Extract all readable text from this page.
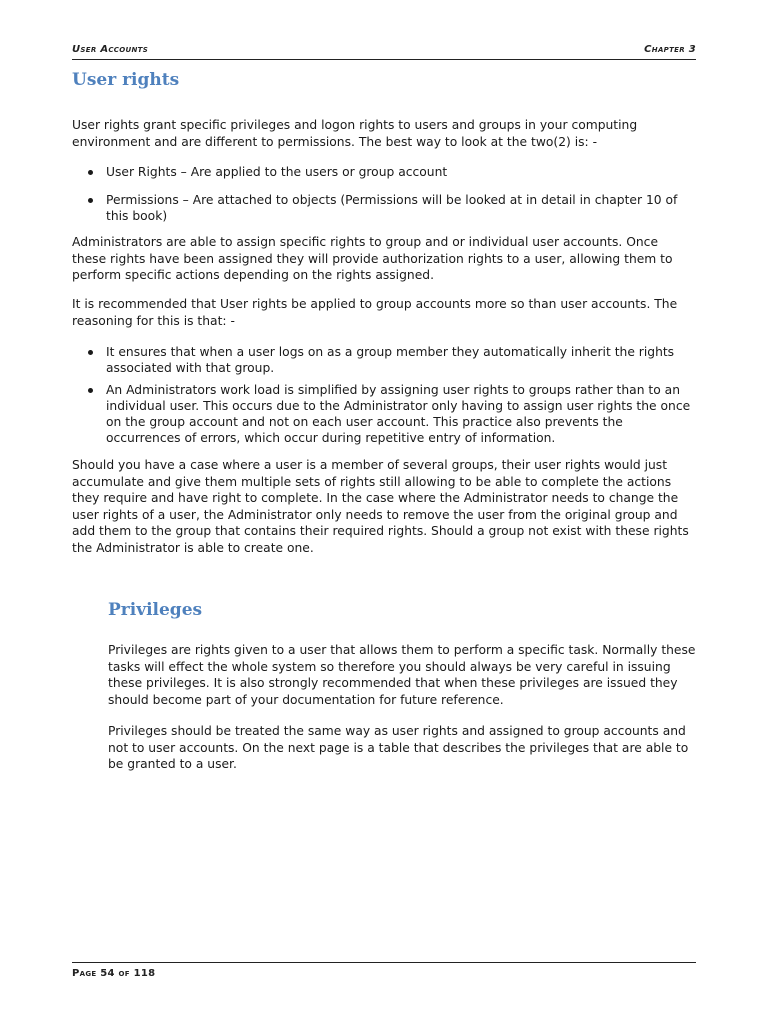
User Accounts	Chapter 3
User rights

User rights grant specific privileges and logon rights to users and groups in your computing environment and are different to permissions. The best way to look at the two(2) is: -

User Rights – Are applied to the users or group account
Permissions – Are attached to objects (Permissions will be looked at in detail in chapter 10 of this book)

Administrators are able to assign specific rights to group and or individual user accounts. Once these rights have been assigned they will provide authorization rights to a user, allowing them to perform specific actions depending on the rights assigned.

It is recommended that User rights be applied to group accounts more so than user accounts. The reasoning for this is that: -

It ensures that when a user logs on as a group member they automatically inherit the rights associated with that group.
An Administrators work load is simplified by assigning user rights to groups rather than to an individual user. This occurs due to the Administrator only having to assign user rights the once on the group account and not on each user account. This practice also prevents the occurrences of errors, which occur during repetitive entry of information.

Should you have a case where a user is a member of several groups, their user rights would just accumulate and give them multiple sets of rights still allowing to be able to complete the actions they require and have right to complete. In the case where the Administrator needs to change the user rights of a user, the Administrator only needs to remove the user from the original group and add them to the group that contains their required rights. Should a group not exist with these rights the Administrator is able to create one.

Privileges

Privileges are rights given to a user that allows them to perform a specific task. Normally these tasks will effect the whole system so therefore you should always be very careful in issuing these privileges. It is also strongly recommended that when these privileges are issued they should become part of your documentation for future reference.

Privileges should be treated the same way as user rights and assigned to group accounts and not to user accounts. On the next page is a table that describes the privileges that are able to be granted to a user.

Page 54 of 118
